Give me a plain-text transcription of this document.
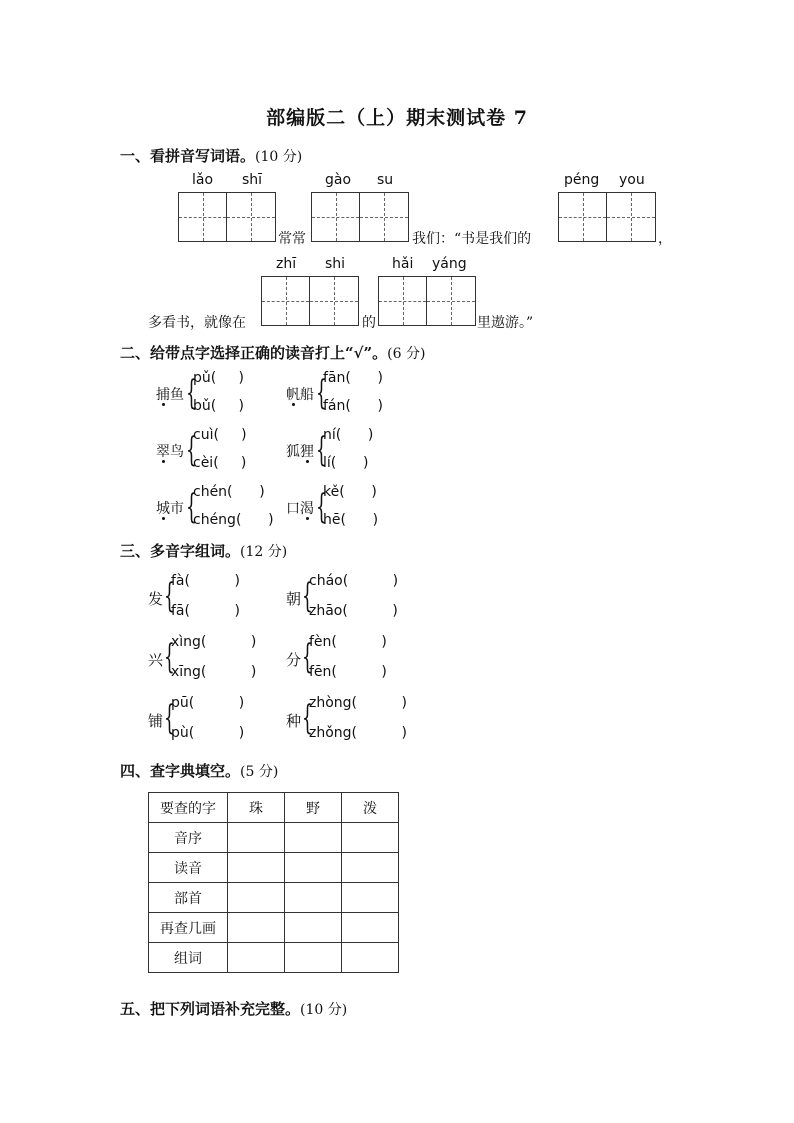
部编版二（上）期末测试卷 7
一、看拼音写词语。(10 分)
lǎo shī	gào su	péng you
常常	我们：“书是我们的	，
zhī shi	hǎi yáng
多看书，就像在	的	里遨游。”
二、给带点字选择正确的读音打上“√”。(6 分)
捕鱼 {
pǔ(     )
bǔ(     )
帆船 {
fān(      )
fán(      )
翠鸟 {
cuì(     )
cèi(     )
狐狸 {
ní(      )
lí(      )
城市 {
chén(      )
chéng(      )
口渴 {
kě(      )
hē(      )
三、多音字组词。(12 分)
发 {
fà(          )
fā(          )
朝 {
cháo(          )
zhāo(          )
兴 {
xìng(          )
xīng(          )
分 {
fèn(          )
fēn(          )
铺 {
pū(          )
pù(          )
种 {
zhòng(          )
zhǒng(          )
四、查字典填空。(5 分)
要查的字	珠	野	泼
音序			
读音			
部首			
再查几画			
组词			
五、把下列词语补充完整。(10 分)
